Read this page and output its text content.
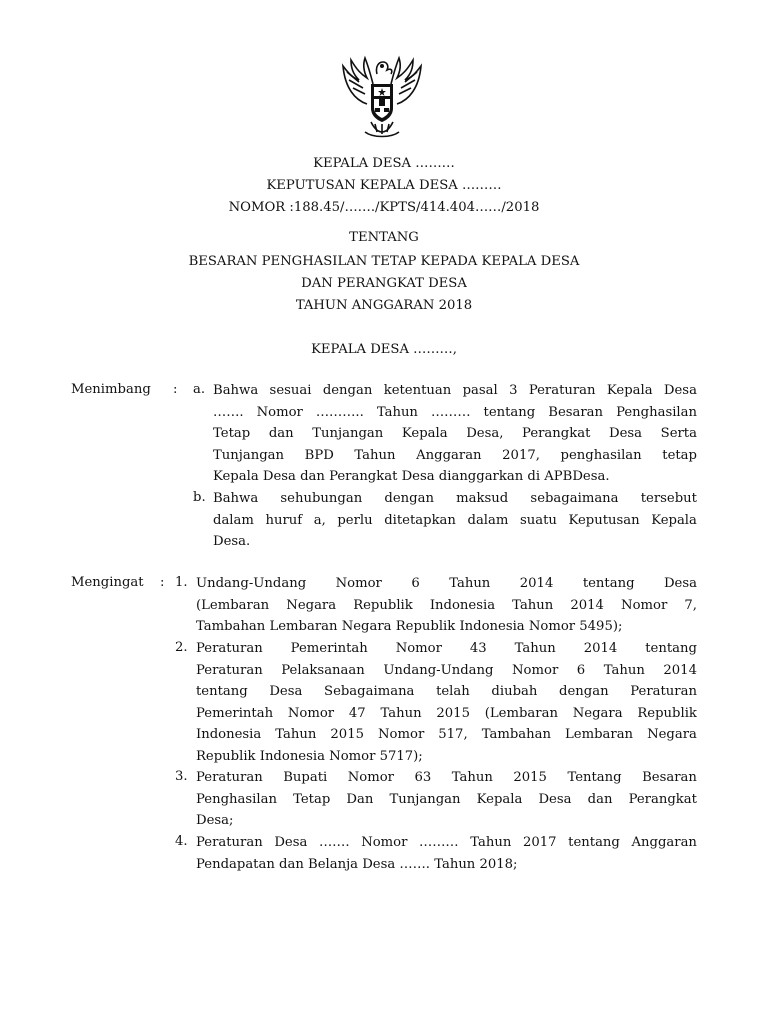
KEPALA DESA ………
KEPUTUSAN KEPALA DESA ………
NOMOR :188.45/……./KPTS/414.404……/2018
TENTANG
BESARAN PENGHASILAN TETAP KEPADA KEPALA DESA
DAN PERANGKAT DESA
TAHUN ANGGARAN 2018
KEPALA DESA ………,
Menimbang : a. Bahwa sesuai dengan ketentuan pasal 3 Peraturan Kepala Desa
……. Nomor ……….. Tahun ……… tentang Besaran Penghasilan
Tetap dan Tunjangan Kepala Desa, Perangkat Desa Serta
Tunjangan BPD Tahun Anggaran 2017, penghasilan tetap
Kepala Desa dan Perangkat Desa dianggarkan di APBDesa.
b. Bahwa sehubungan dengan maksud sebagaimana tersebut
dalam huruf a, perlu ditetapkan dalam suatu Keputusan Kepala
Desa.
Mengingat : 1. Undang-Undang Nomor 6 Tahun 2014 tentang Desa
(Lembaran Negara Republik Indonesia Tahun 2014 Nomor 7,
Tambahan Lembaran Negara Republik Indonesia Nomor 5495);
2. Peraturan Pemerintah Nomor 43 Tahun 2014 tentang
Peraturan Pelaksanaan Undang-Undang Nomor 6 Tahun 2014
tentang Desa Sebagaimana telah diubah dengan Peraturan
Pemerintah Nomor 47 Tahun 2015 (Lembaran Negara Republik
Indonesia Tahun 2015 Nomor 517, Tambahan Lembaran Negara
Republik Indonesia Nomor 5717);
3. Peraturan Bupati Nomor 63 Tahun 2015 Tentang Besaran
Penghasilan Tetap Dan Tunjangan Kepala Desa dan Perangkat
Desa;
4. Peraturan Desa ……. Nomor ……… Tahun 2017 tentang Anggaran
Pendapatan dan Belanja Desa ……. Tahun 2018;
